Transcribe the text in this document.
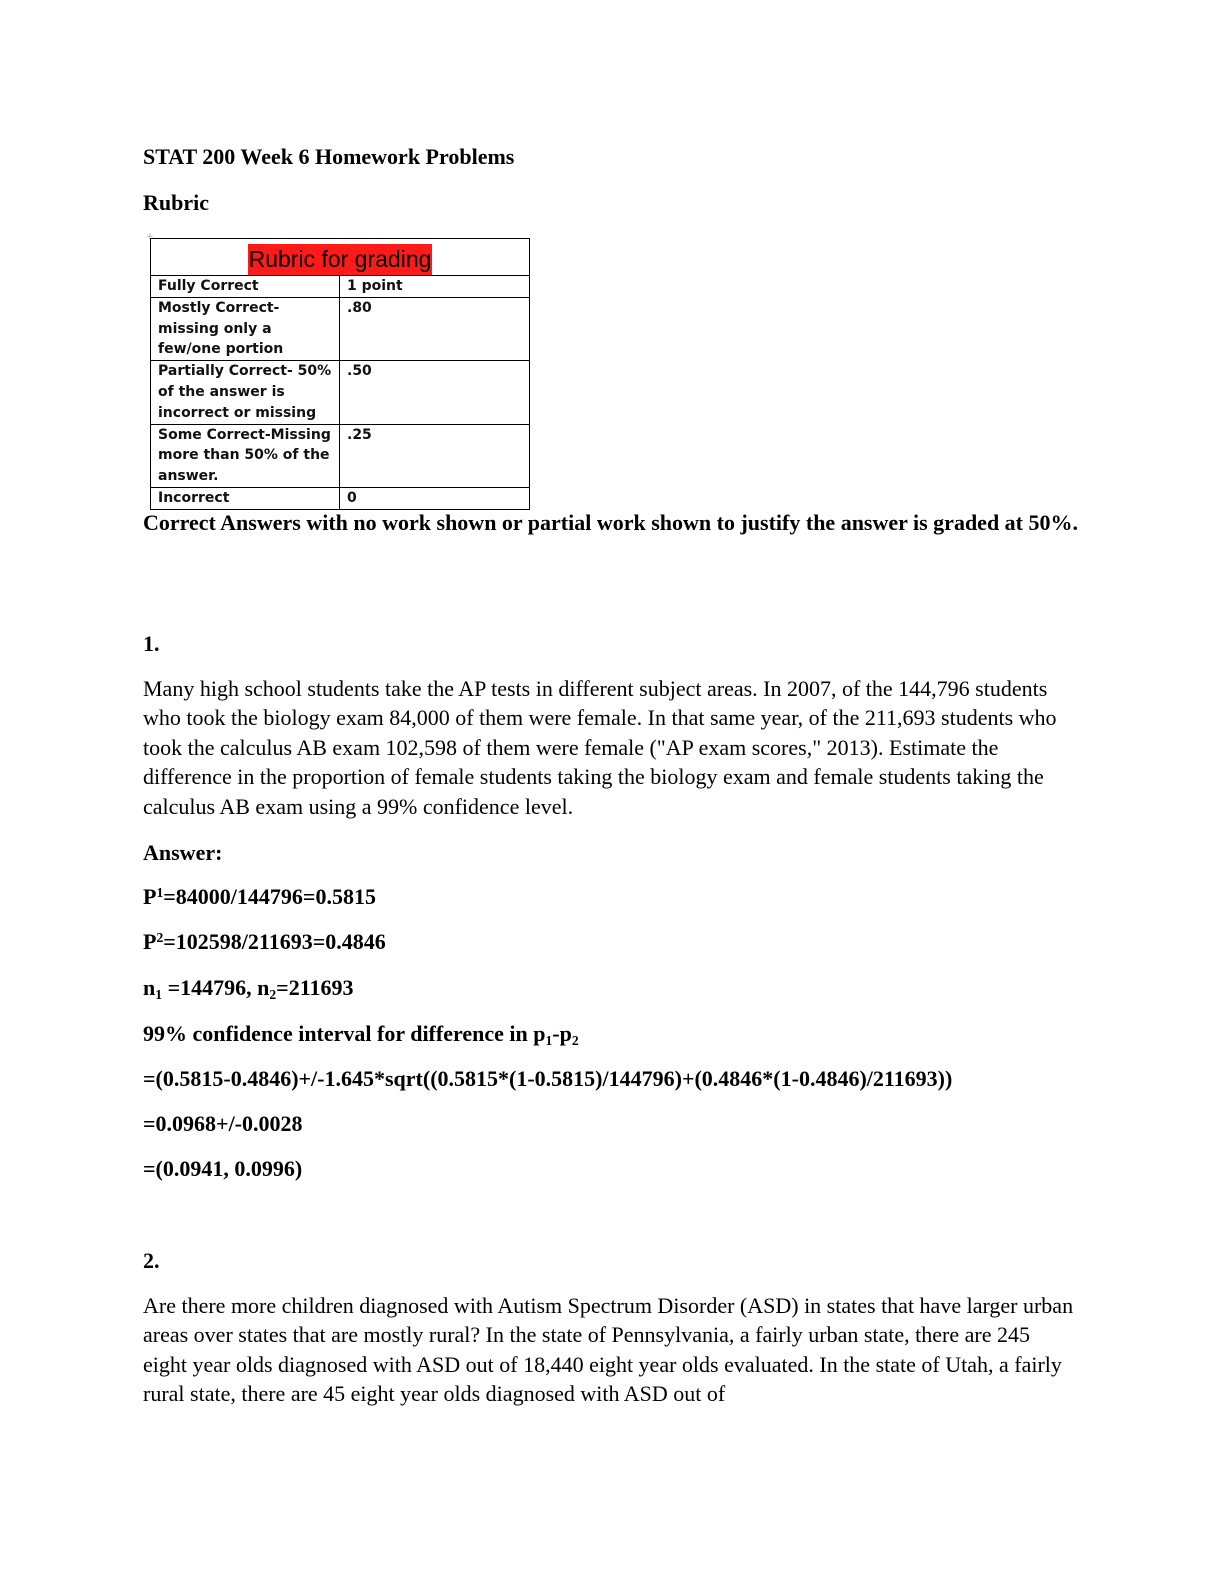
STAT 200 Week 6 Homework Problems
Rubric
+
Rubric for grading
Fully Correct	1 point
Mostly Correct-missing only a few/one portion	.80
Partially Correct- 50% of the answer is incorrect or missing	.50
Some Correct-Missing more than 50% of the answer.	.25
Incorrect	0
Correct Answers with no work shown or partial work shown to justify the answer is graded at 50%.
1.
Many high school students take the AP tests in different subject areas. In 2007, of the 144,796 students who took the biology exam 84,000 of them were female. In that same year, of the 211,693 students who took the calculus AB exam 102,598 of them were female ("AP exam scores," 2013). Estimate the difference in the proportion of female students taking the biology exam and female students taking the calculus AB exam using a 99% confidence level.
Answer:
$P^1=84000/144796=0.5815$
$P^2=102598/211693=0.4846$
$n_1 =144796$, $n_2=211693$
99% confidence interval for difference in $p_1-p_2$
=(0.5815-0.4846)+/-1.645*sqrt((0.5815*(1-0.5815)/144796)+(0.4846*(1-0.4846)/211693))
=0.0968+/-0.0028
=(0.0941, 0.0996)
2.
Are there more children diagnosed with Autism Spectrum Disorder (ASD) in states that have larger urban areas over states that are mostly rural? In the state of Pennsylvania, a fairly urban state, there are 245 eight year olds diagnosed with ASD out of 18,440 eight year olds evaluated. In the state of Utah, a fairly rural state, there are 45 eight year olds diagnosed with ASD out of
